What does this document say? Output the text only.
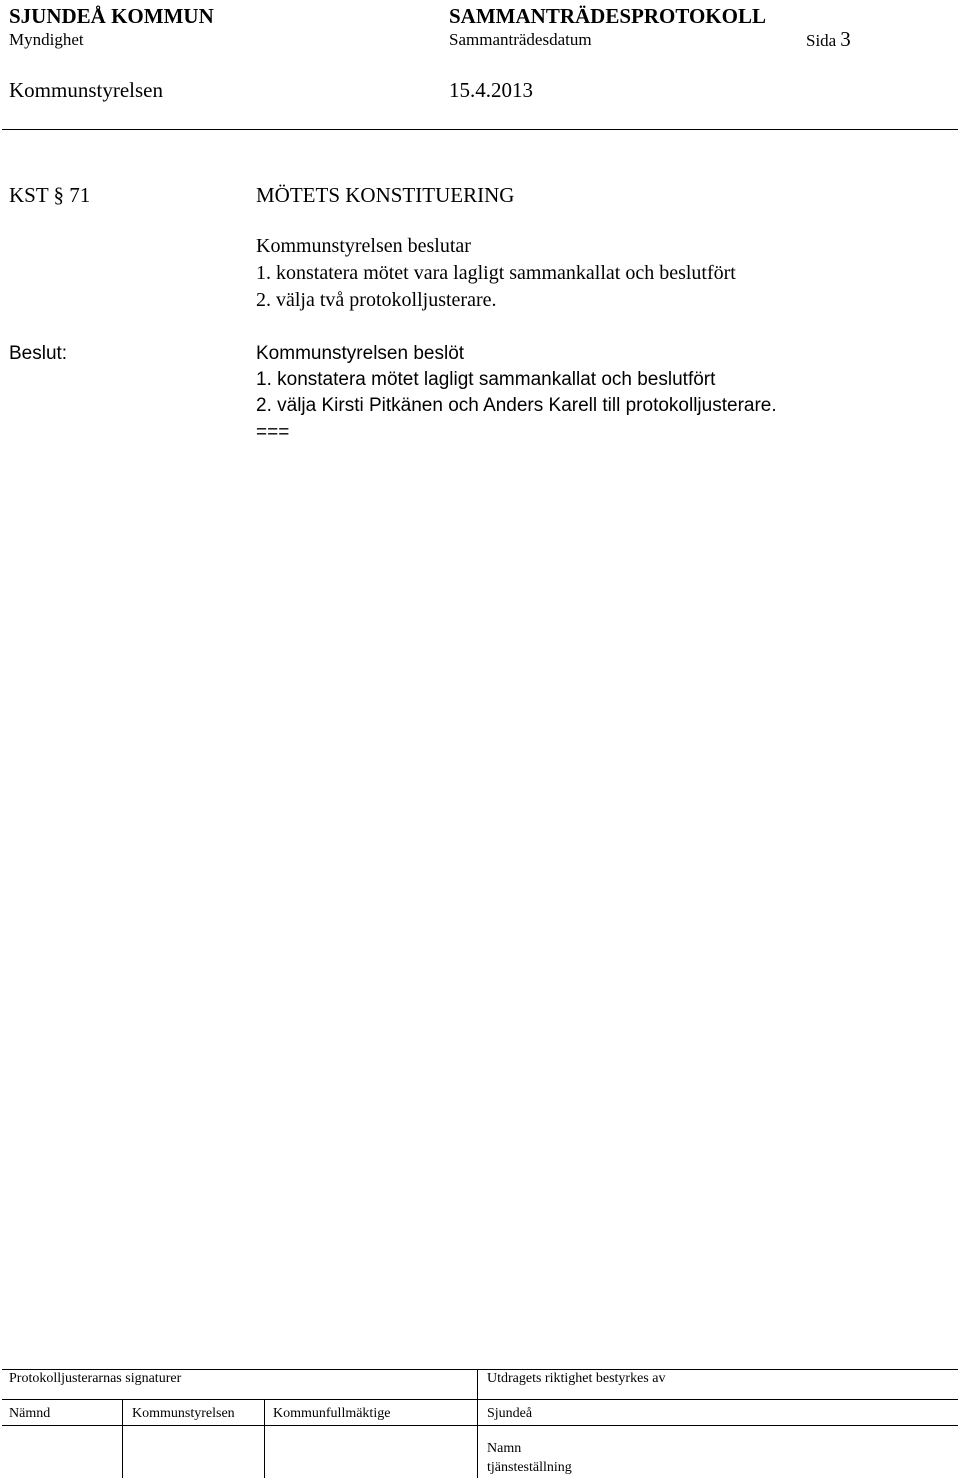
SJUNDEÅ KOMMUN	SAMMANTRÄDESPROTOKOLL
Myndighet	Sammanträdesdatum	Sida 3
Kommunstyrelsen	15.4.2013
KST § 71	MÖTETS KONSTITUERING
Kommunstyrelsen beslutar
1. konstatera mötet vara lagligt sammankallat och beslutfört
2. välja två protokolljusterare.
Beslut:	Kommunstyrelsen beslöt
1. konstatera mötet lagligt sammankallat och beslutfört
2. välja Kirsti Pitkänen och Anders Karell till protokolljusterare.
===
Protokolljusterarnas signaturer	Utdragets riktighet bestyrkes av
Nämnd	Kommunstyrelsen	Kommunfullmäktige	Sjundeå
Namn
tjänsteställning
